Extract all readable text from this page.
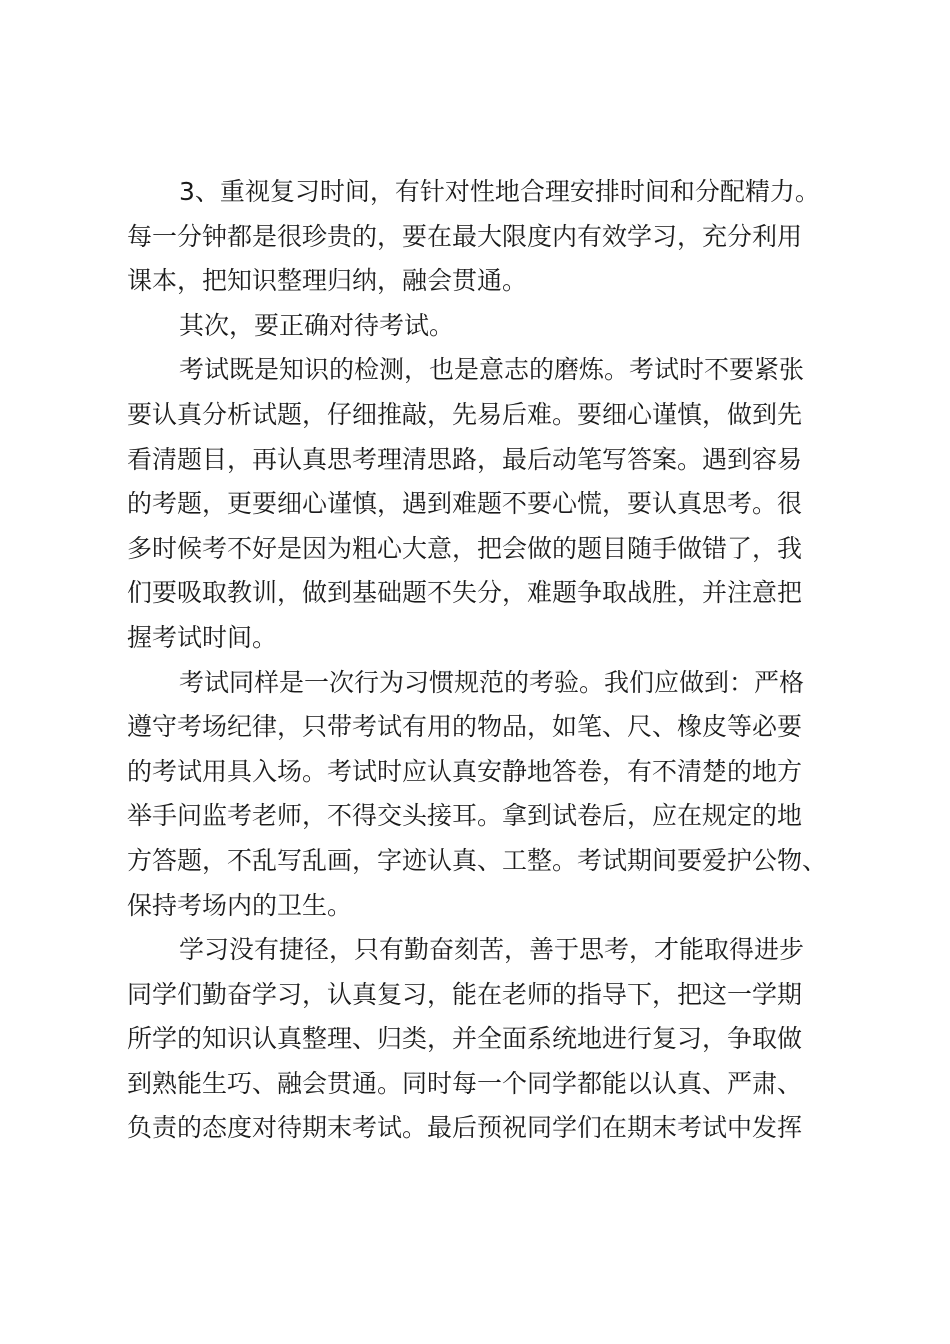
3、重视复习时间，有针对性地合理安排时间和分配精力。
每一分钟都是很珍贵的，要在最大限度内有效学习，充分利用
课本，把知识整理归纳，融会贯通。
其次，要正确对待考试。
考试既是知识的检测，也是意志的磨炼。考试时不要紧张
要认真分析试题，仔细推敲，先易后难。要细心谨慎，做到先
看清题目，再认真思考理清思路，最后动笔写答案。遇到容易
的考题，更要细心谨慎，遇到难题不要心慌，要认真思考。很
多时候考不好是因为粗心大意，把会做的题目随手做错了，我
们要吸取教训，做到基础题不失分，难题争取战胜，并注意把
握考试时间。
考试同样是一次行为习惯规范的考验。我们应做到：严格
遵守考场纪律，只带考试有用的物品，如笔、尺、橡皮等必要
的考试用具入场。考试时应认真安静地答卷，有不清楚的地方
举手问监考老师，不得交头接耳。拿到试卷后，应在规定的地
方答题，不乱写乱画，字迹认真、工整。考试期间要爱护公物、
保持考场内的卫生。
学习没有捷径，只有勤奋刻苦，善于思考，才能取得进步
同学们勤奋学习，认真复习，能在老师的指导下，把这一学期
所学的知识认真整理、归类，并全面系统地进行复习，争取做
到熟能生巧、融会贯通。同时每一个同学都能以认真、严肃、
负责的态度对待期末考试。最后预祝同学们在期末考试中发挥
